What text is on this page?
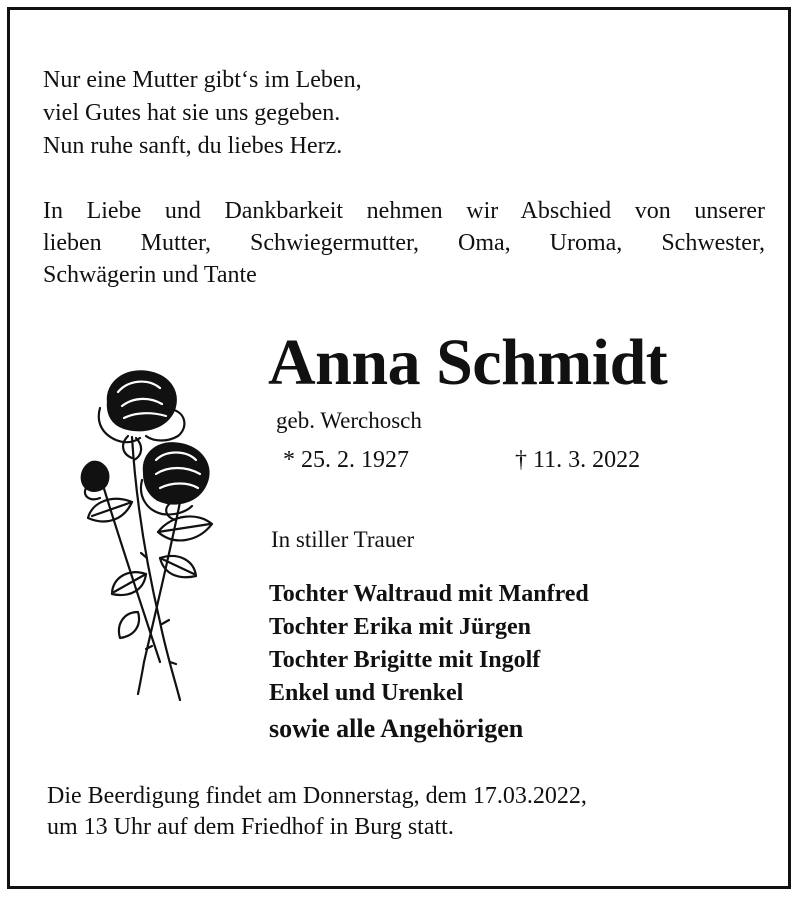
Nur eine Mutter gibt‘s im Leben,
viel Gutes hat sie uns gegeben.
Nun ruhe sanft, du liebes Herz.
In Liebe und Dankbarkeit nehmen wir Abschied von unserer
lieben Mutter, Schwiegermutter, Oma, Uroma, Schwester,
Schwägerin und Tante
Anna Schmidt
geb. Werchosch
* 25. 2. 1927	† 11. 3. 2022
In stiller Trauer
Tochter Waltraud mit Manfred
Tochter Erika mit Jürgen
Tochter Brigitte mit Ingolf
Enkel und Urenkel
sowie alle Angehörigen
Die Beerdigung findet am Donnerstag, dem 17.03.2022,
um 13 Uhr auf dem Friedhof in Burg statt.
